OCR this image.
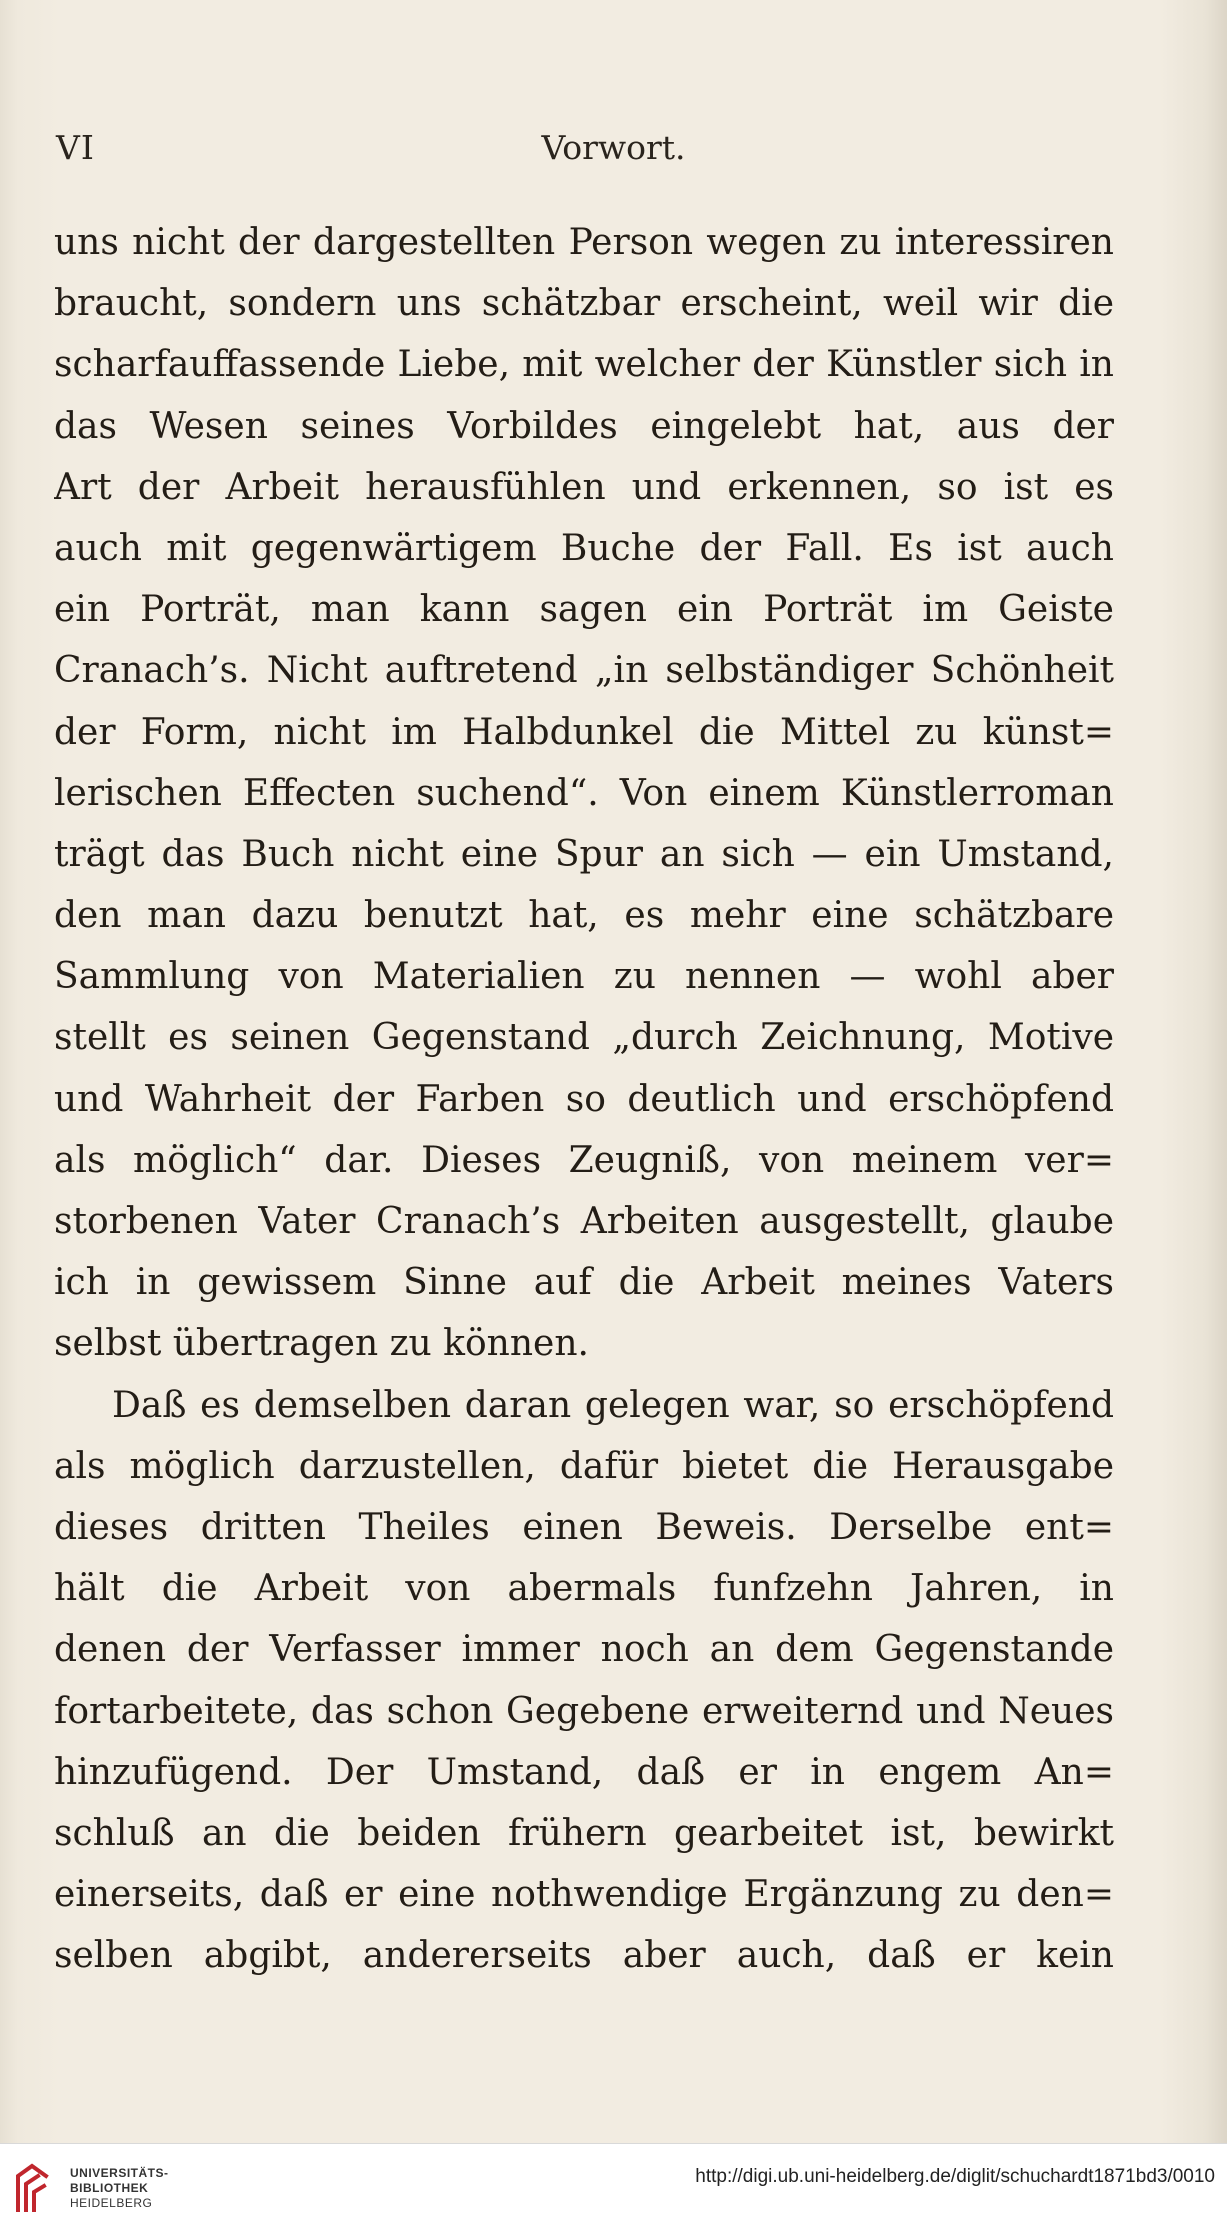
VI	Vorwort.
uns nicht der dargestellten Person wegen zu interessiren
braucht, sondern uns schätzbar erscheint, weil wir die
scharfauffassende Liebe, mit welcher der Künstler sich in
das Wesen seines Vorbildes eingelebt hat, aus der
Art der Arbeit herausfühlen und erkennen, so ist es
auch mit gegenwärtigem Buche der Fall. Es ist auch
ein Porträt, man kann sagen ein Porträt im Geiste
Cranach’s. Nicht auftretend „in selbständiger Schönheit
der Form, nicht im Halbdunkel die Mittel zu künst=
lerischen Effecten suchend“. Von einem Künstlerroman
trägt das Buch nicht eine Spur an sich — ein Umstand,
den man dazu benutzt hat, es mehr eine schätzbare
Sammlung von Materialien zu nennen — wohl aber
stellt es seinen Gegenstand „durch Zeichnung, Motive
und Wahrheit der Farben so deutlich und erschöpfend
als möglich“ dar. Dieses Zeugniß, von meinem ver=
storbenen Vater Cranach’s Arbeiten ausgestellt, glaube
ich in gewissem Sinne auf die Arbeit meines Vaters
selbst übertragen zu können.
Daß es demselben daran gelegen war, so erschöpfend
als möglich darzustellen, dafür bietet die Herausgabe
dieses dritten Theiles einen Beweis. Derselbe ent=
hält die Arbeit von abermals funfzehn Jahren, in
denen der Verfasser immer noch an dem Gegenstande
fortarbeitete, das schon Gegebene erweiternd und Neues
hinzufügend. Der Umstand, daß er in engem An=
schluß an die beiden frühern gearbeitet ist, bewirkt
einerseits, daß er eine nothwendige Ergänzung zu den=
selben abgibt, andererseits aber auch, daß er kein
UNIVERSITÄTS-
BIBLIOTHEK
HEIDELBERG
http://digi.ub.uni-heidelberg.de/diglit/schuchardt1871bd3/0010
